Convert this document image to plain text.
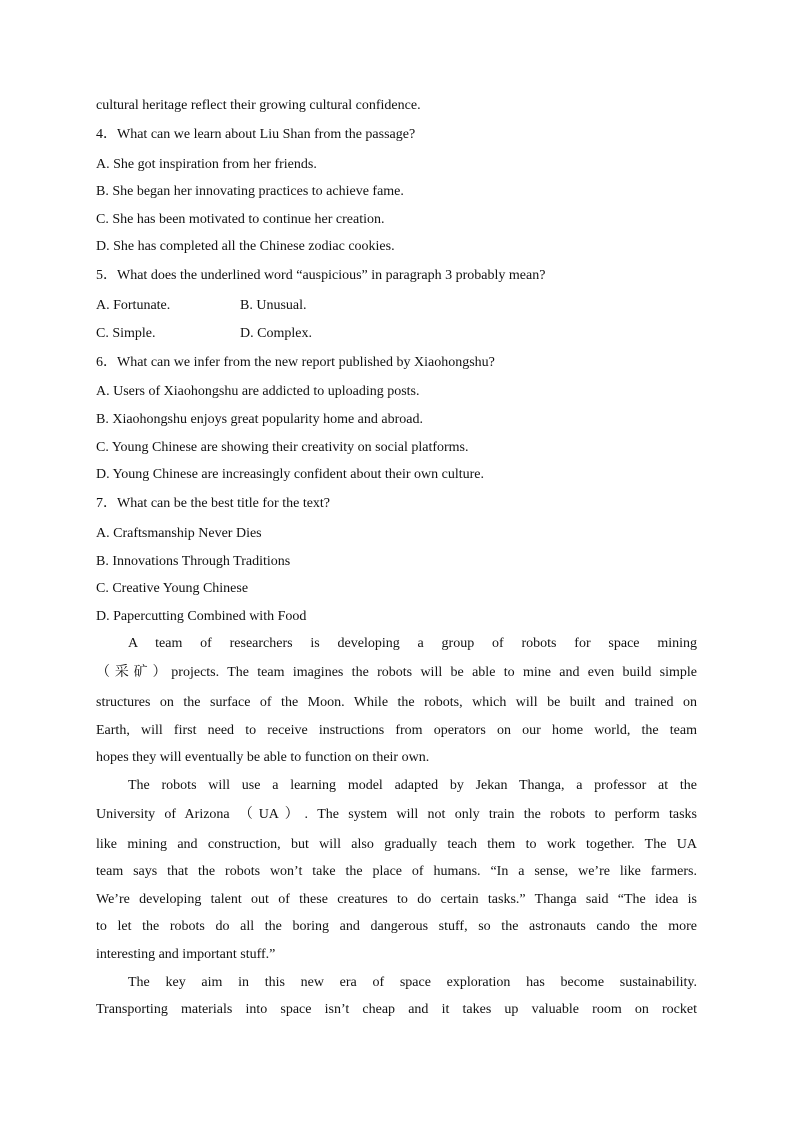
cultural heritage reflect their growing cultural confidence.
4．What can we learn about Liu Shan from the passage?
A. She got inspiration from her friends.
B. She began her innovating practices to achieve fame.
C. She has been motivated to continue her creation.
D. She has completed all the Chinese zodiac cookies.
5．What does the underlined word “auspicious” in paragraph 3 probably mean?
A. Fortunate.	B. Unusual.
C. Simple.	D. Complex.
6．What can we infer from the new report published by Xiaohongshu?
A. Users of Xiaohongshu are addicted to uploading posts.
B. Xiaohongshu enjoys great popularity home and abroad.
C. Young Chinese are showing their creativity on social platforms.
D. Young Chinese are increasingly confident about their own culture.
7．What can be the best title for the text?
A. Craftsmanship Never Dies
B. Innovations Through Traditions
C. Creative Young Chinese
D. Papercutting Combined with Food
A team of researchers is developing a group of robots for space mining
（采矿）projects. The team imagines the robots will be able to mine and even build simple
structures on the surface of the Moon. While the robots, which will be built and trained on
Earth, will first need to receive instructions from operators on our home world, the team
hopes they will eventually be able to function on their own.
The robots will use a learning model adapted by Jekan Thanga, a professor at the
University of Arizona （UA）. The system will not only train the robots to perform tasks
like mining and construction, but will also gradually teach them to work together. The UA
team says that the robots won’t take the place of humans. “In a sense, we’re like farmers.
We’re developing talent out of these creatures to do certain tasks.” Thanga said “The idea is
to let the robots do all the boring and dangerous stuff, so the astronauts cando the more
interesting and important stuff.”
The key aim in this new era of space exploration has become sustainability.
Transporting materials into space isn’t cheap and it takes up valuable room on rocket
